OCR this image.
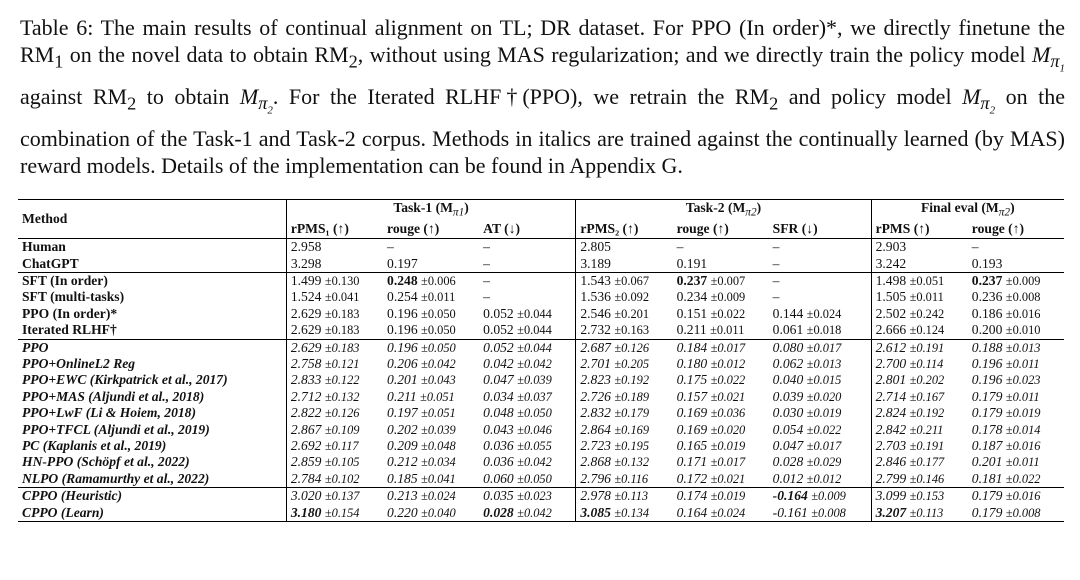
Table 6: The main results of continual alignment on TL; DR dataset. For PPO (In order)*, we directly finetune the $RM_1$ on the novel data to obtain $RM_2$, without using MAS regularization; and we directly train the policy model $M_{\pi_1}$ against $RM_2$ to obtain $M_{\pi_2}$. For the Iterated RLHF†(PPO), we retrain the $RM_2$ and policy model $M_{\pi_2}$ on the combination of the Task-1 and Task-2 corpus. Methods in italics are trained against the continually learned (by MAS) reward models. Details of the implementation can be found in Appendix G.
Method	Task-1 $(M_{\pi 1})$			Task-2 $(M_{\pi 2})$			Final eval $(M_{\pi 2})$	
	rPMS₁ (↑)	rouge (↑)	AT (↓)	rPMS₂ (↑)	rouge (↑)	SFR (↓)	rPMS (↑)	rouge (↑)
Human	2.958	–	–	2.805	–	–	2.903	–
ChatGPT	3.298	0.197	–	3.189	0.191	–	3.242	0.193
SFT (In order)	1.499 ±0.130	0.248 ±0.006	–	1.543 ±0.067	0.237 ±0.007	–	1.498 ±0.051	0.237 ±0.009
SFT (multi-tasks)	1.524 ±0.041	0.254 ±0.011	–	1.536 ±0.092	0.234 ±0.009	–	1.505 ±0.011	0.236 ±0.008
PPO (In order)*	2.629 ±0.183	0.196 ±0.050	0.052 ±0.044	2.546 ±0.201	0.151 ±0.022	0.144 ±0.024	2.502 ±0.242	0.186 ±0.016
Iterated RLHF†	2.629 ±0.183	0.196 ±0.050	0.052 ±0.044	2.732 ±0.163	0.211 ±0.011	0.061 ±0.018	2.666 ±0.124	0.200 ±0.010
PPO	2.629 ±0.183	0.196 ±0.050	0.052 ±0.044	2.687 ±0.126	0.184 ±0.017	0.080 ±0.017	2.612 ±0.191	0.188 ±0.013
PPO+OnlineL2 Reg	2.758 ±0.121	0.206 ±0.042	0.042 ±0.042	2.701 ±0.205	0.180 ±0.012	0.062 ±0.013	2.700 ±0.114	0.196 ±0.011
PPO+EWC (Kirkpatrick et al., 2017)	2.833 ±0.122	0.201 ±0.043	0.047 ±0.039	2.823 ±0.192	0.175 ±0.022	0.040 ±0.015	2.801 ±0.202	0.196 ±0.023
PPO+MAS (Aljundi et al., 2018)	2.712 ±0.132	0.211 ±0.051	0.034 ±0.037	2.726 ±0.189	0.157 ±0.021	0.039 ±0.020	2.714 ±0.167	0.179 ±0.011
PPO+LwF (Li & Hoiem, 2018)	2.822 ±0.126	0.197 ±0.051	0.048 ±0.050	2.832 ±0.179	0.169 ±0.036	0.030 ±0.019	2.824 ±0.192	0.179 ±0.019
PPO+TFCL (Aljundi et al., 2019)	2.867 ±0.109	0.202 ±0.039	0.043 ±0.046	2.864 ±0.169	0.169 ±0.020	0.054 ±0.022	2.842 ±0.211	0.178 ±0.014
PC (Kaplanis et al., 2019)	2.692 ±0.117	0.209 ±0.048	0.036 ±0.055	2.723 ±0.195	0.165 ±0.019	0.047 ±0.017	2.703 ±0.191	0.187 ±0.016
HN-PPO (Schöpf et al., 2022)	2.859 ±0.105	0.212 ±0.034	0.036 ±0.042	2.868 ±0.132	0.171 ±0.017	0.028 ±0.029	2.846 ±0.177	0.201 ±0.011
NLPO (Ramamurthy et al., 2022)	2.784 ±0.102	0.185 ±0.041	0.060 ±0.050	2.796 ±0.116	0.172 ±0.021	0.012 ±0.012	2.799 ±0.146	0.181 ±0.022
CPPO (Heuristic)	3.020 ±0.137	0.213 ±0.024	0.035 ±0.023	2.978 ±0.113	0.174 ±0.019	-0.164 ±0.009	3.099 ±0.153	0.179 ±0.016
CPPO (Learn)	3.180 ±0.154	0.220 ±0.040	0.028 ±0.042	3.085 ±0.134	0.164 ±0.024	-0.161 ±0.008	3.207 ±0.113	0.179 ±0.008
